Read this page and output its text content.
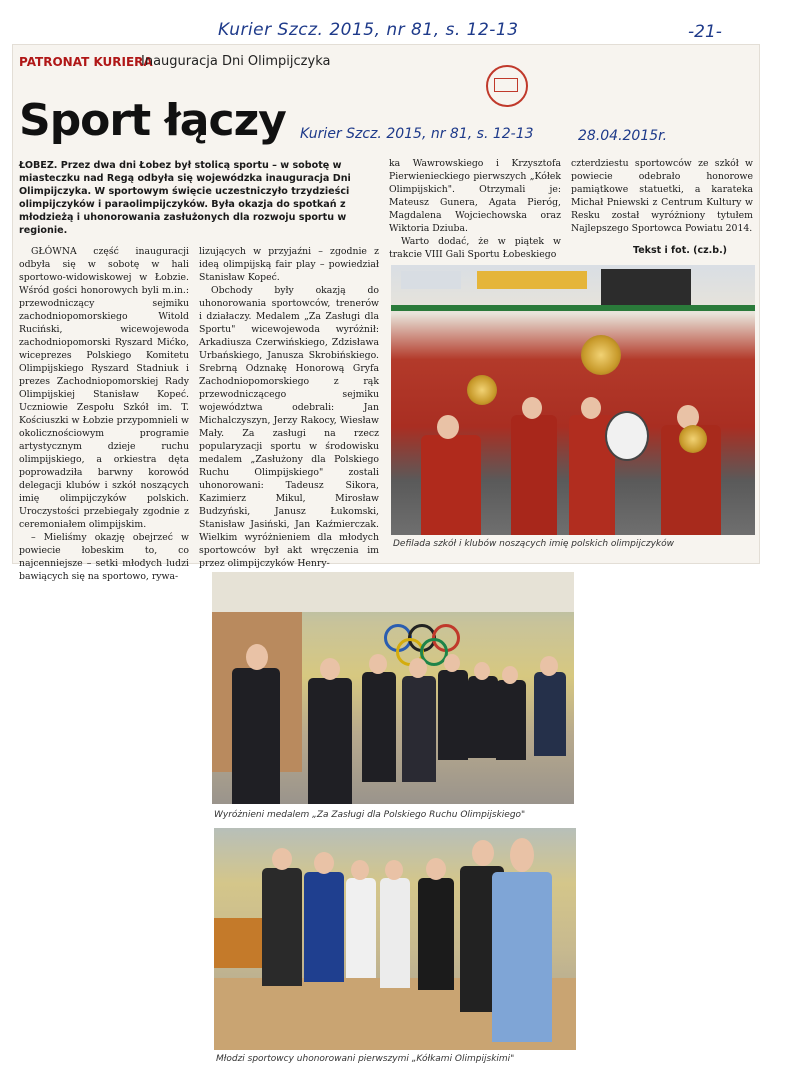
Kurier Szcz. 2015, nr 81, s. 12-13	-21-
PATRONAT KURIERA
Inauguracja Dni Olimpijczyka
Sport łączy
ŁOBEZ. Przez dwa dni Łobez był stolicą sportu – w sobotę w miasteczku nad Regą odbyła się wojewódzka inauguracja Dni Olimpijczyka. W sportowym święcie uczestniczyło trzydzieści olimpijczyków i paraolimpijczyków. Była okazja do spotkań z młodzieżą i uhonorowania zasłużonych dla rozwoju sportu w regionie.

GŁÓWNA część inauguracji odbyła się w sobotę w hali sportowo-widowiskowej w Łobzie. Wśród gości honorowych byli m.in.: przewodniczący sejmiku zachodniopomorskiego Witold Ruciński, wicewojewoda zachodniopomorski Ryszard Mićko, wiceprezes Polskiego Komitetu Olimpijskiego Ryszard Stadniuk i prezes Zachodniopomorskiej Rady Olimpijskiej Stanisław Kopeć. Uczniowie Zespołu Szkół im. T. Kościuszki w Łobzie przypomnieli w okolicznościowym programie artystycznym dzieje ruchu olimpijskiego, a orkiestra dęta poprowadziła barwny korowód delegacji klubów i szkół noszących imię olimpijczyków polskich. Uroczystości przebiegały zgodnie z ceremoniałem olimpijskim.

– Mieliśmy okazję obejrzeć w powiecie łobeskim to, co najcenniejsze – setki młodych ludzi bawiących się na sportowo, rywa-

lizujących w przyjaźni – zgodnie z ideą olimpijską fair play – powiedział Stanisław Kopeć.

Obchody były okazją do uhonorowania sportowców, trenerów i działaczy. Medalem „Za Zasługi dla Sportu" wicewojewoda wyróżnił: Arkadiusza Czerwińskiego, Zdzisława Urbańskiego, Janusza Skrobińskiego. Srebrną Odznakę Honorową Gryfa Zachodniopomorskiego z rąk przewodniczącego sejmiku województwa odebrali: Jan Michalczyszyn, Jerzy Rakocy, Wiesław Mały. Za zasługi na rzecz popularyzacji sportu w środowisku medalem „Zasłużony dla Polskiego Ruchu Olimpijskiego" zostali uhonorowani: Tadeusz Sikora, Kazimierz Mikul, Mirosław Budzyński, Janusz Łukomski, Stanisław Jasiński, Jan Kaźmierczak. Wielkim wyróżnieniem dla młodych sportowców był akt wręczenia im przez olimpijczyków Henry-

ka Wawrowskiego i Krzysztofa Pierwienieckiego pierwszych „Kółek Olimpijskich". Otrzymali je: Mateusz Gunera, Agata Pieróg, Magdalena Wojciechowska oraz Wiktoria Dziuba.

Warto dodać, że w piątek w trakcie VIII Gali Sportu Łobeskiego

czterdziestu sportowców ze szkół w powiecie odebrało honorowe pamiątkowe statuetki, a karateka Michał Pniewski z Centrum Kultury w Resku został wyróżniony tytułem Najlepszego Sportowca Powiatu 2014.

Tekst i fot. (cz.b.)
Defilada szkół i klubów noszących imię polskich olimpijczyków
Kurier Szcz. 2015, nr 81, s. 12-13	28.04.2015r.
Wyróżnieni medalem „Za Zasługi dla Polskiego Ruchu Olimpijskiego"
Młodzi sportowcy uhonorowani pierwszymi „Kółkami Olimpijskimi"
